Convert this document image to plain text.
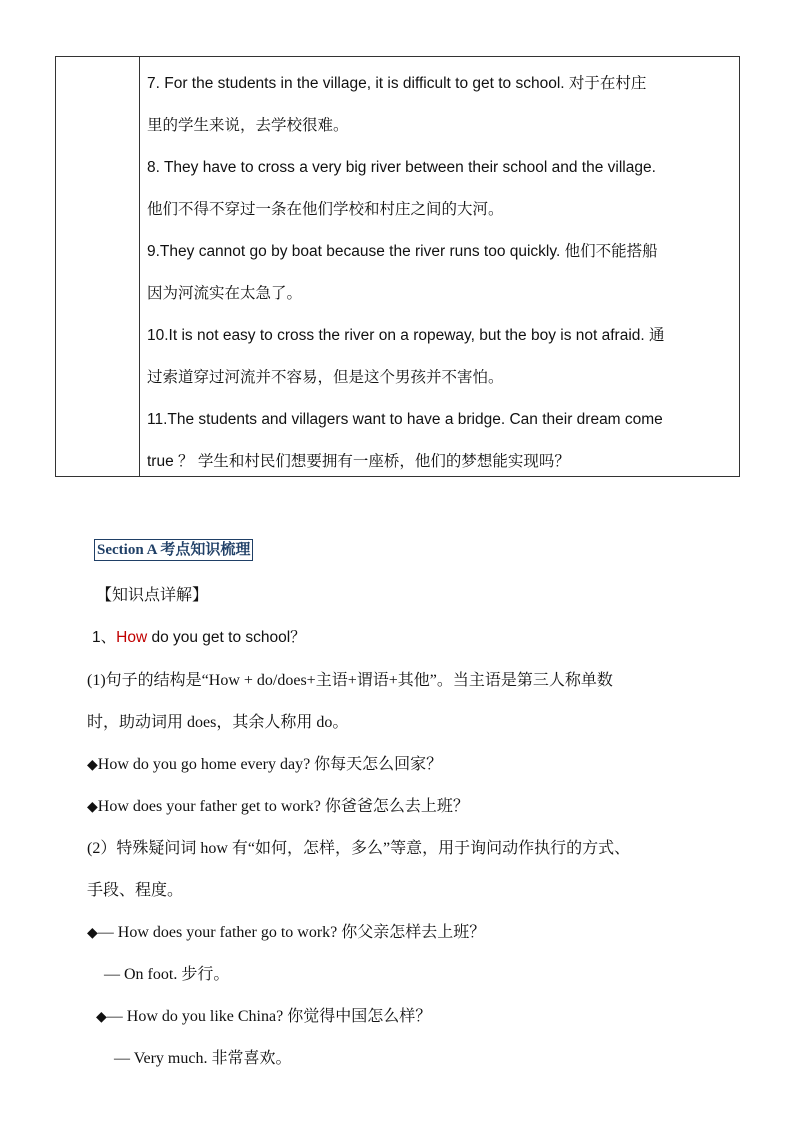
7. For the students in the village, it is difficult to get to school. 对于在村庄
里的学生来说，去学校很难。
8. They have to cross a very big river between their school and the village.
他们不得不穿过一条在他们学校和村庄之间的大河。
9.They cannot go by boat because the river runs too quickly. 他们不能搭船
因为河流实在太急了。
10.It is not easy to cross the river on a ropeway, but the boy is not afraid. 通
过索道穿过河流并不容易，但是这个男孩并不害怕。
11.The students and villagers want to have a bridge. Can their dream come
true ？ 学生和村民们想要拥有一座桥，他们的梦想能实现吗？
Section A 考点知识梳理
【知识点详解】
1、How do you get to school？
(1)句子的结构是“How + do/does+主语+谓语+其他”。当主语是第三人称单数
时，助动词用 does，其余人称用 do。
◆How do you go home every day? 你每天怎么回家？
◆How does your father get to work? 你爸爸怎么去上班？
(2）特殊疑问词 how 有“如何，怎样，多么”等意，用于询问动作执行的方式、
手段、程度。
◆— How does your father go to work? 你父亲怎样去上班？
— On foot. 步行。
◆— How do you like China? 你觉得中国怎么样？
— Very much. 非常喜欢。
